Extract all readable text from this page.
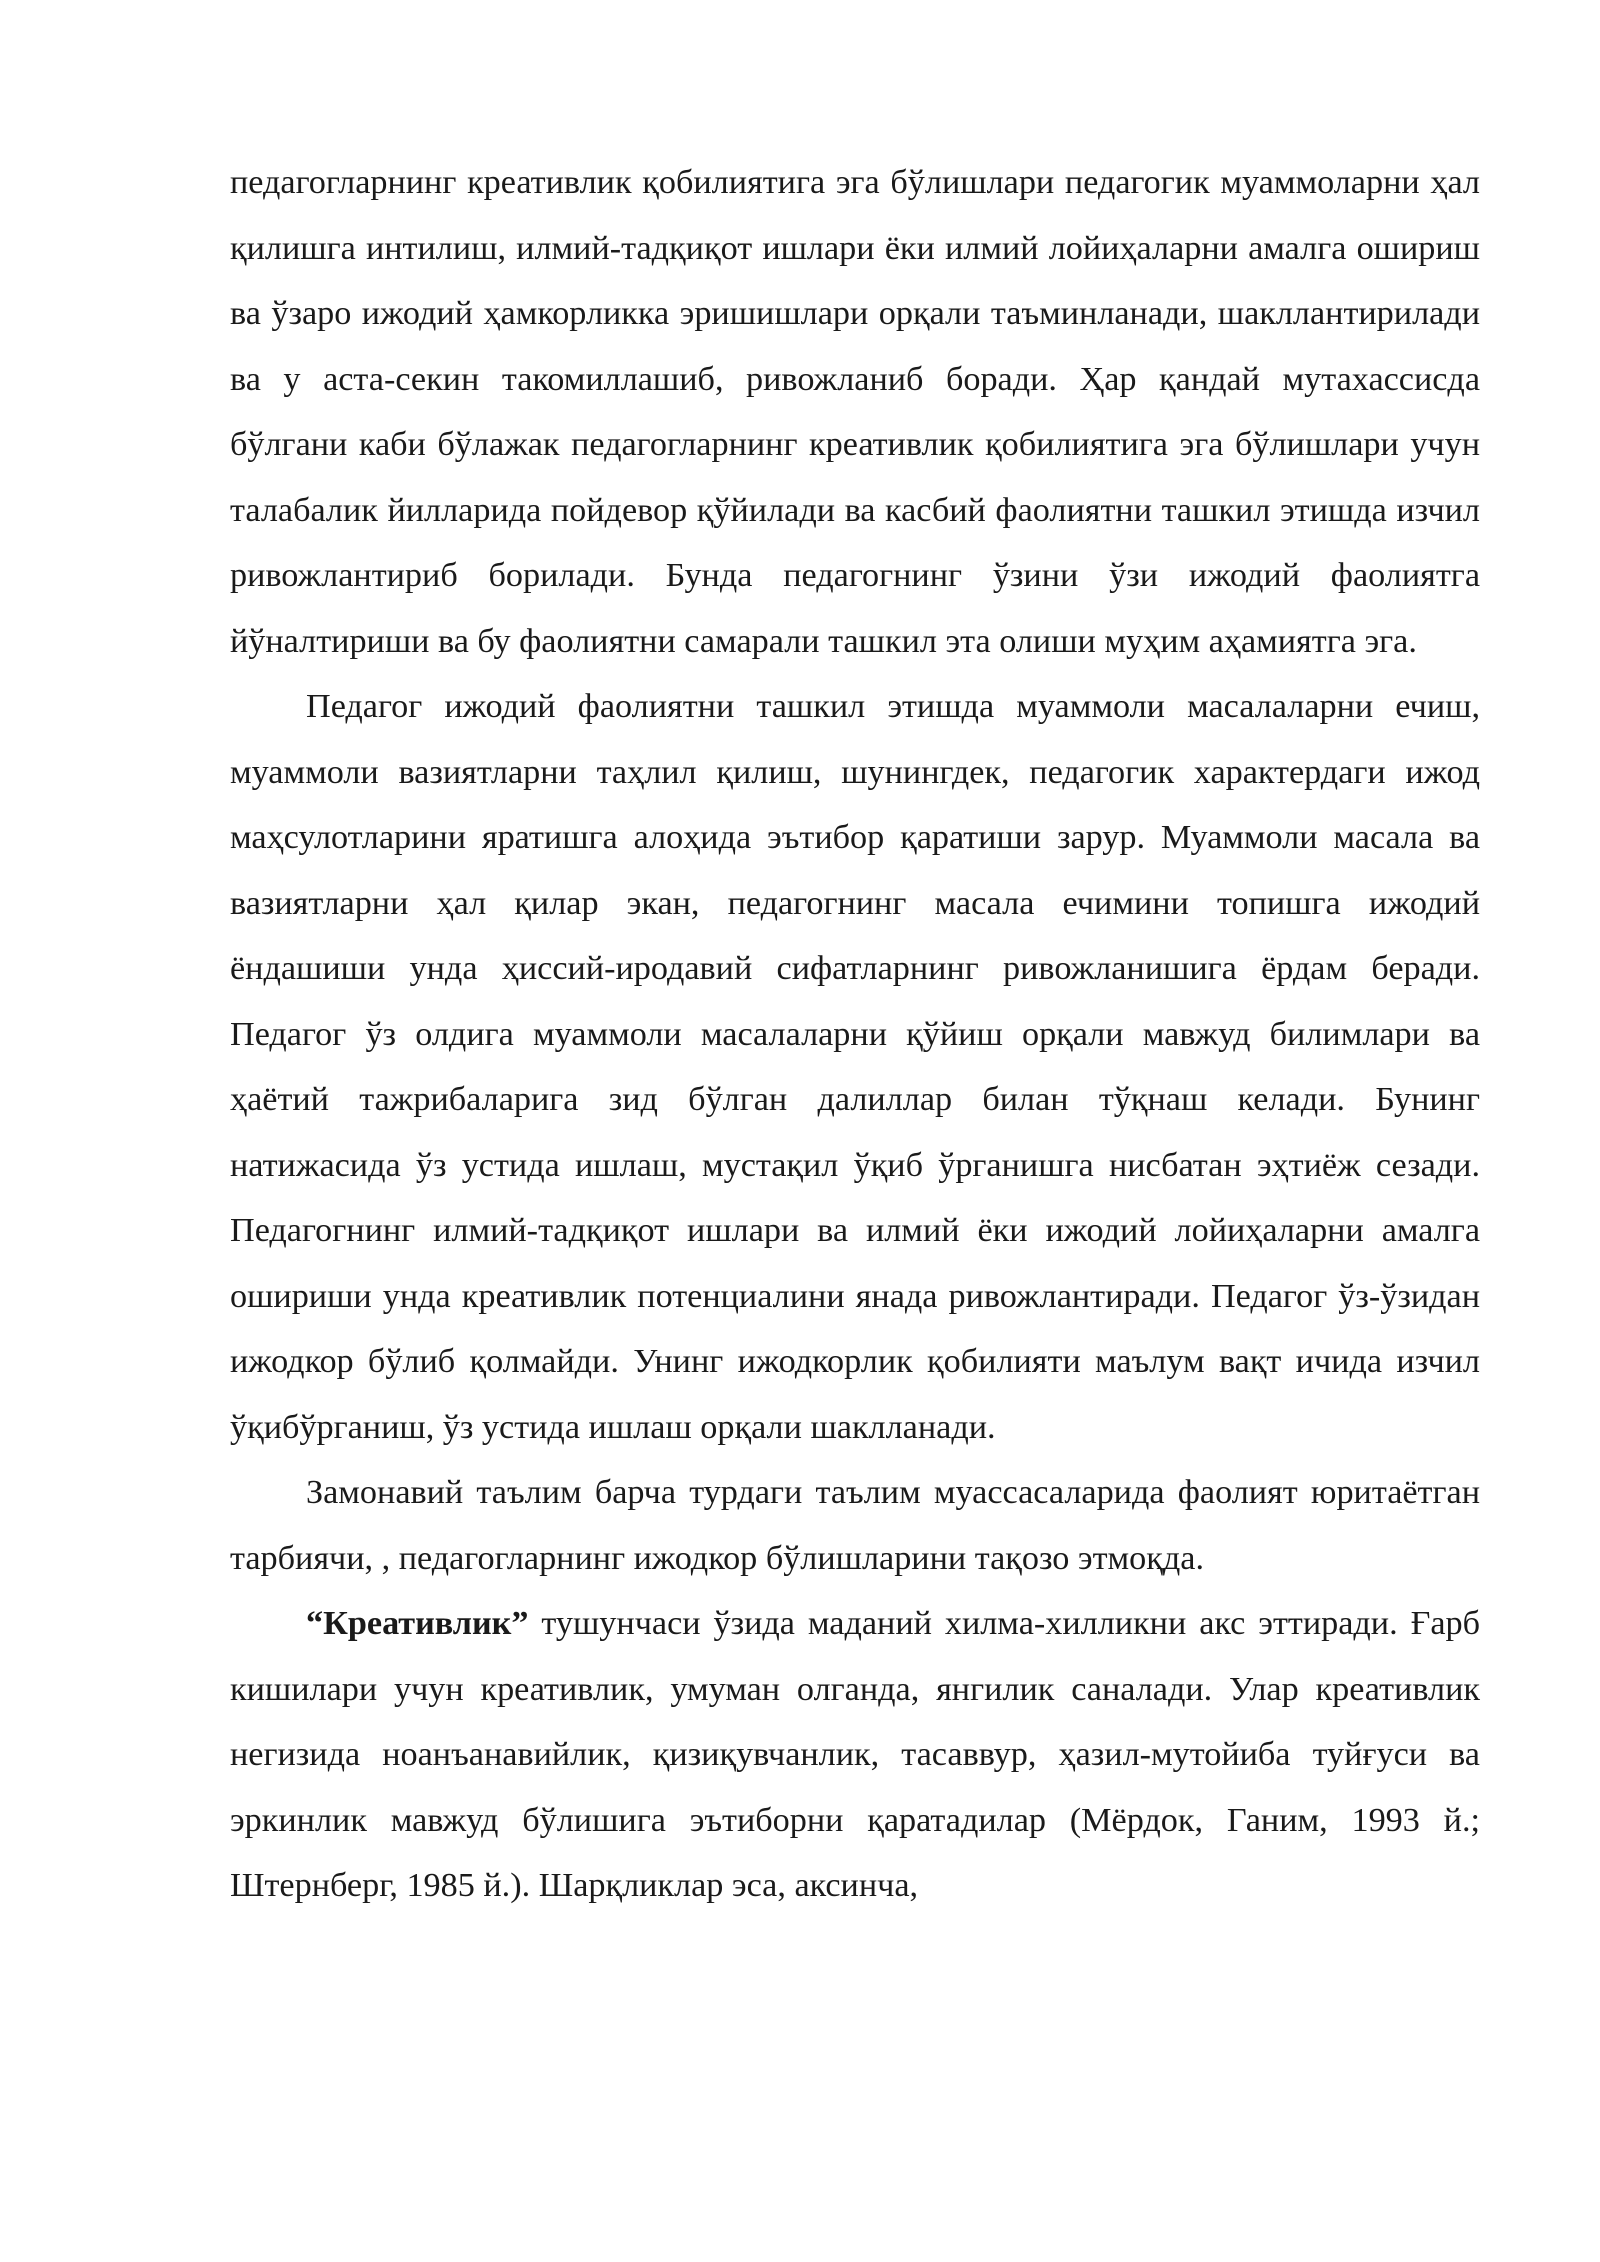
педагогларнинг креативлик қобилиятига эга бўлишлари педагогик муаммоларни ҳал қилишга интилиш, илмий-тадқиқот ишлари ёки илмий лойиҳаларни амалга ошириш ва ўзаро ижодий ҳамкорликка эришишлари орқали таъминланади, шакллантирилади ва у аста-секин такомиллашиб, ривожланиб боради. Ҳар қандай мутахассисда бўлгани каби бўлажак педагогларнинг креативлик қобилиятига эга бўлишлари учун талабалик йилларида пойдевор қўйилади ва касбий фаолиятни ташкил этишда изчил ривожлантириб борилади. Бунда педагогнинг ўзини ўзи ижодий фаолиятга йўналтириши ва бу фаолиятни самарали ташкил эта олиши муҳим аҳамиятга эга.

Педагог ижодий фаолиятни ташкил этишда муаммоли масалаларни ечиш, муаммоли вазиятларни таҳлил қилиш, шунингдек, педагогик характердаги ижод маҳсулотларини яратишга алоҳида эътибор қаратиши зарур. Муаммоли масала ва вазиятларни ҳал қилар экан, педагогнинг масала ечимини топишга ижодий ёндашиши унда ҳиссий-иродавий сифатларнинг ривожланишига ёрдам беради. Педагог ўз олдига муаммоли масалаларни қўйиш орқали мавжуд билимлари ва ҳаётий тажрибаларига зид бўлган далиллар билан тўқнаш келади. Бунинг натижасида ўз устида ишлаш, мустақил ўқиб ўрганишга нисбатан эҳтиёж сезади. Педагогнинг илмий-тадқиқот ишлари ва илмий ёки ижодий лойиҳаларни амалга ошириши унда креативлик потенциалини янада ривожлантиради. Педагог ўз-ўзидан ижодкор бўлиб қолмайди. Унинг ижодкорлик қобилияти маълум вақт ичида изчил ўқибўрганиш, ўз устида ишлаш орқали шаклланади.

Замонавий таълим барча турдаги таълим муассасаларида фаолият юритаётган тарбиячи, , педагогларнинг ижодкор бўлишларини тақозо этмоқда.

“Креативлик” тушунчаси ўзида маданий хилма-хилликни акс эттиради. Ғарб кишилари учун креативлик, умуман олганда, янгилик саналади. Улар креативлик негизида ноанъанавийлик, қизиқувчанлик, тасаввур, ҳазил-мутойиба туйғуси ва эркинлик мавжуд бўлишига эътиборни қаратадилар (Мёрдок, Ганим, 1993 й.; Штернберг, 1985 й.). Шарқликлар эса, аксинча,
